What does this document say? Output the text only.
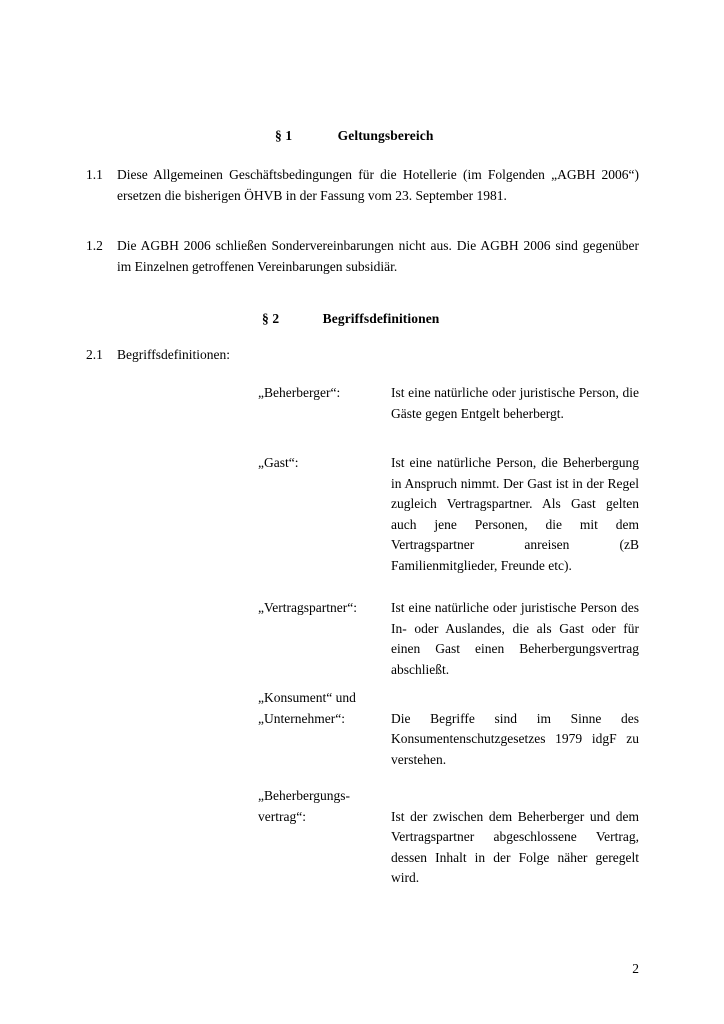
§ 1	Geltungsbereich
1.1	Diese Allgemeinen Geschäftsbedingungen für die Hotellerie (im Folgenden „AGBH 2006“) ersetzen die bisherigen ÖHVB in der Fassung vom 23. September 1981.
1.2	Die AGBH 2006 schließen Sondervereinbarungen nicht aus. Die AGBH 2006 sind gegenüber im Einzelnen getroffenen Vereinbarungen subsidiär.
§ 2	Begriffsdefinitionen
2.1	Begriffsdefinitionen:
„Beherberger“:	Ist eine natürliche oder juristische Person, die Gäste gegen Entgelt beherbergt.
„Gast“:	Ist eine natürliche Person, die Beherbergung in Anspruch nimmt. Der Gast ist in der Regel zugleich Vertragspartner. Als Gast gelten auch jene Personen, die mit dem Vertragspartner anreisen (zB Familienmitglieder, Freunde etc).
„Vertragspartner“:	Ist eine natürliche oder juristische Person des In- oder Auslandes, die als Gast oder für einen Gast einen Beherbergungsvertrag abschließt.
„Konsument“ und
„Unternehmer“:	Die Begriffe sind im Sinne des Konsumentenschutzgesetzes 1979 idgF zu verstehen.
„Beherbergungs-
vertrag“:	Ist der zwischen dem Beherberger und dem Vertragspartner abgeschlossene Vertrag, dessen Inhalt in der Folge näher geregelt wird.
2
